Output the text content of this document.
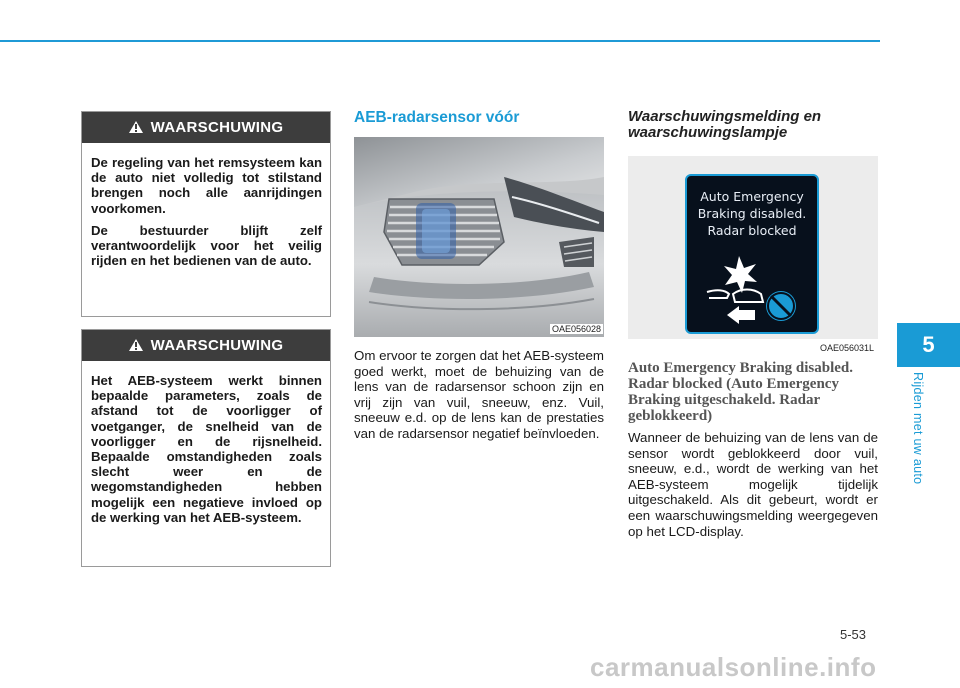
5
Rijden met uw auto
WAARSCHUWING

De regeling van het remsysteem kan de auto niet volledig tot stilstand brengen noch alle aanrijdingen voorkomen.

De bestuurder blijft zelf verantwoordelijk voor het veilig rijden en het bedienen van de auto.

WAARSCHUWING

Het AEB-systeem werkt binnen bepaalde parameters, zoals de afstand tot de voorligger of voetganger, de snelheid van de voorligger en de rijsnelheid. Bepaalde omstandigheden zoals slecht weer en de wegomstandigheden hebben mogelijk een negatieve invloed op de werking van het AEB-systeem.

AEB-radarsensor vóór
OAE056028
Om ervoor te zorgen dat het AEB-systeem goed werkt, moet de behuizing van de lens van de radarsensor schoon zijn en vrij zijn van vuil, sneeuw, enz. Vuil, sneeuw e.d. op de lens kan de prestaties van de radarsensor negatief beïnvloeden.
Waarschuwingsmelding en waarschuwingslampje
Auto Emergency
Braking disabled.
Radar blocked
OAE056031L
Auto Emergency Braking disabled. Radar blocked (Auto Emergency Braking uitgeschakeld. Radar geblokkeerd)
Wanneer de behuizing van de lens van de sensor wordt geblokkeerd door vuil, sneeuw, e.d., wordt de werking van het AEB-systeem mogelijk tijdelijk uitgeschakeld. Als dit gebeurt, wordt er een waarschuwingsmelding weergegeven op het LCD-display.
5-53
carmanualsonline.info
